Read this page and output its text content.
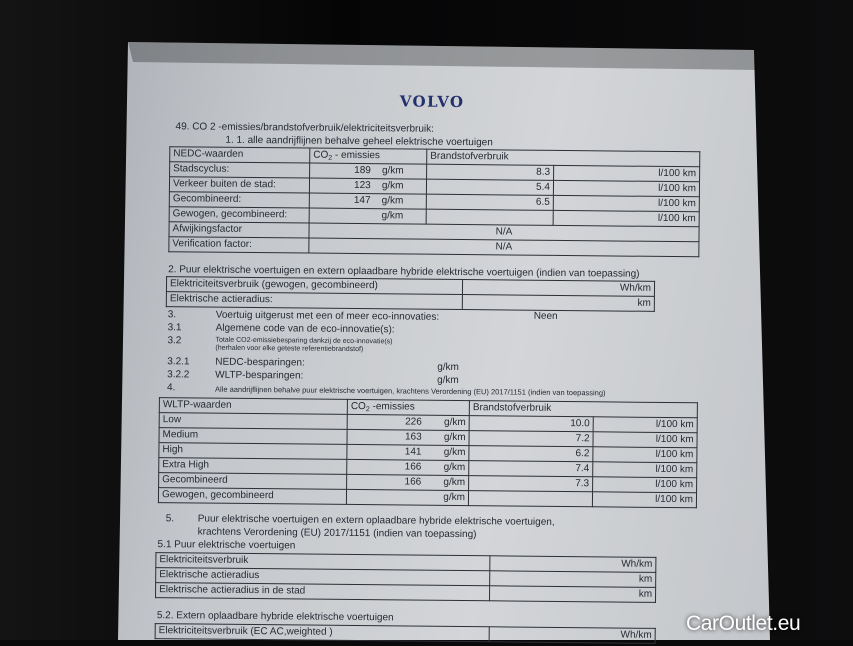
VOLVO
49. CO 2 -emissies/brandstofverbruik/elektriciteitsverbruik:
1. 1. alle aandrijflijnen behalve geheel elektrische voertuigen
NEDC-waarden	$CO_2$ - emissies	Brandstofverbruik	
Stadscyclus:	189 g/km	8.3	l/100 km
Verkeer buiten de stad:	123 g/km	5.4	l/100 km
Gecombineerd:	147 g/km	6.5	l/100 km
Gewogen, gecombineerd:	g/km		l/100 km
Afwijkingsfactor	N/A		
Verification factor:	N/A		
2. Puur elektrische voertuigen en extern oplaadbare hybride elektrische voertuigen (indien van toepassing)
Elektriciteitsverbruik (gewogen, gecombineerd)	Wh/km
Elektrische actieradius:	km
3.	Voertuig uitgerust met een of meer eco-innovaties:	Neen
3.1	Algemene code van de eco-innovatie(s):
3.2	Totale CO2-emissiebesparing dankzij de eco-innovatie(s)
(herhalen voor elke geteste referentiebrandstof)
3.2.1	NEDC-besparingen:	g/km
3.2.2	WLTP-besparingen:	g/km
4.	Alle aandrijflijnen behalve puur elektrische voertuigen, krachtens Verordening (EU) 2017/1151 (indien van toepassing)
WLTP-waarden	$CO_2$ -emissies	Brandstofverbruik	
Low	226 g/km	10.0	l/100 km
Medium	163 g/km	7.2	l/100 km
High	141 g/km	6.2	l/100 km
Extra High	166 g/km	7.4	l/100 km
Gecombineerd	166 g/km	7.3	l/100 km
Gewogen, gecombineerd	g/km		l/100 km
5. Puur elektrische voertuigen en extern oplaadbare hybride elektrische voertuigen,
krachtens Verordening (EU) 2017/1151 (indien van toepassing)
5.1 Puur elektrische voertuigen
Elektriciteitsverbruik	Wh/km
Elektrische actieradius	km
Elektrische actieradius in de stad	km
5.2. Extern oplaadbare hybride elektrische voertuigen
Elektriciteitsverbruik (EC AC,weighted )	Wh/km
CarOutlet.eu
